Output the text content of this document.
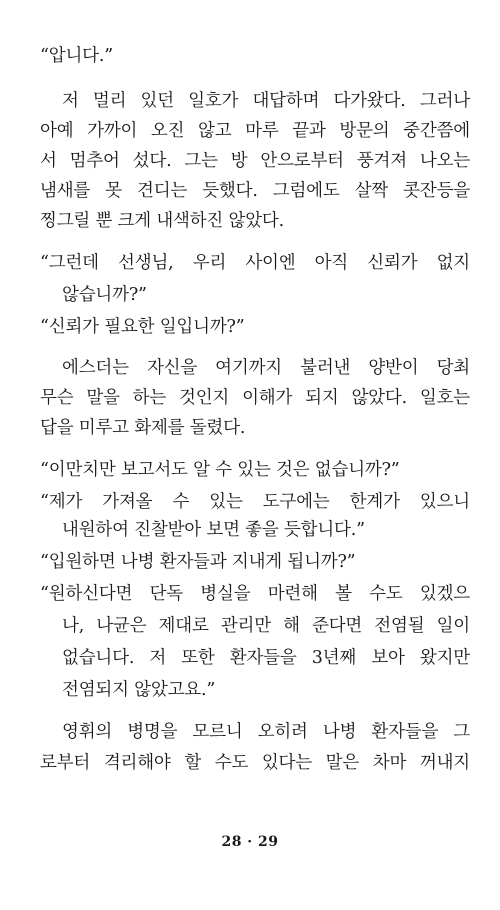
“압니다.”
저 멀리 있던 일호가 대답하며 다가왔다. 그러나
아예 가까이 오진 않고 마루 끝과 방문의 중간쯤에
서 멈추어 섰다. 그는 방 안으로부터 풍겨져 나오는
냄새를 못 견디는 듯했다. 그럼에도 살짝 콧잔등을
찡그릴 뿐 크게 내색하진 않았다.
“그런데 선생님, 우리 사이엔 아직 신뢰가 없지
않습니까?”
“신뢰가 필요한 일입니까?”
에스더는 자신을 여기까지 불러낸 양반이 당최
무슨 말을 하는 것인지 이해가 되지 않았다. 일호는
답을 미루고 화제를 돌렸다.
“이만치만 보고서도 알 수 있는 것은 없습니까?”
“제가 가져올 수 있는 도구에는 한계가 있으니
내원하여 진찰받아 보면 좋을 듯합니다.”
“입원하면 나병 환자들과 지내게 됩니까?”
“원하신다면 단독 병실을 마련해 볼 수도 있겠으
나, 나균은 제대로 관리만 해 준다면 전염될 일이
없습니다. 저 또한 환자들을 3년째 보아 왔지만
전염되지 않았고요.”
영휘의 병명을 모르니 오히려 나병 환자들을 그
로부터 격리해야 할 수도 있다는 말은 차마 꺼내지
28 · 29
